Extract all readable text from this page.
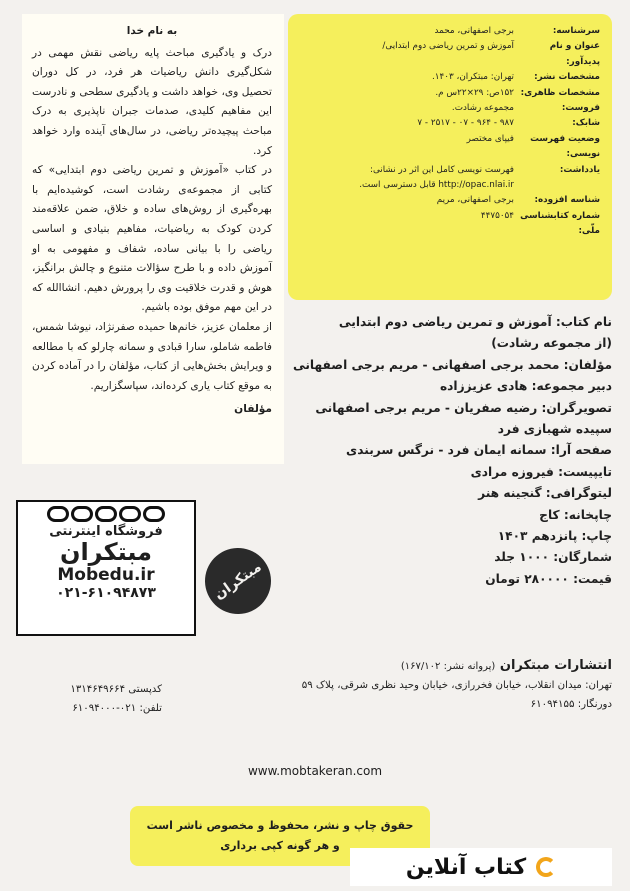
به نام خدا
درک و یادگیری مباحث پایه ریاضی نقش مهمی در شکل‌گیری دانش ریاضیات هر فرد، در کل دوران تحصیل وی، خواهد داشت و یادگیری سطحی و نادرست این مفاهیم کلیدی، صدمات جبران ناپذیری به درک مباحث پیچیده‌تر ریاضی، در سال‌های آینده وارد خواهد کرد.
در کتاب «آموزش و تمرین ریاضی دوم ابتدایی» که کتابی از مجموعه‌ی رشادت است، کوشیده‌ایم با بهره‌گیری از روش‌های ساده و خلاق، ضمن علاقه‌مند کردن کودک به ریاضیات، مفاهیم بنیادی و اساسی ریاضی را با بیانی ساده، شفاف و مفهومی به او آموزش داده و با طرح سؤالات متنوع و چالش برانگیز، هوش و قدرت خلاقیت وی را پرورش دهیم. انشاالله که در این مهم موفق بوده باشیم.
از معلمان عزیز، خانم‌ها حمیده صفرنژاد، نیوشا شمس، فاطمه شاملو، سارا قبادی و سمانه چارلو که با مطالعه و ویرایش بخش‌هایی از کتاب، مؤلفان را در آماده کردن به موقع کتاب یاری کرده‌اند، سپاسگزاریم.
مؤلفان
سرشناسه:
برجی اصفهانی، محمد
عنوان و نام پدیدآور:
آموزش و تمرین ریاضی دوم ابتدایی/
مشخصات نشر:
تهران: مبتکران، ۱۴۰۳.
مشخصات ظاهری:
۱۵۲ص: ۲۹×۲۲س م.
فروست:
مجموعه رشادت.
شابک:
۹۸۷ - ۹۶۴ - ۰۷ - ۲۵۱۷ - ۷
وضعیت فهرست نویسی:
فیپای مختصر
یادداشت:
فهرست نویسی کامل این اثر در نشانی: http://opac.nlai.ir قابل دسترسی است.
شناسه افزوده:
برجی اصفهانی، مریم
شماره کتابشناسی ملّی:
۴۴۷۵۰۵۴
نام کتاب: آموزش و تمرین ریاضی دوم ابتدایی
(از مجموعه رشادت)
مؤلفان: محمد برجی اصفهانی - مریم برجی اصفهانی
دبیر مجموعه: هادی عزیززاده
تصویرگران: رضیه صفریان - مریم برجی اصفهانی
سپیده شهبازی فرد
صفحه آرا: سمانه ایمان فرد - نرگس سربندی
تایپیست: فیروزه مرادی
لیتوگرافی: گنجینه هنر
چاپخانه: کاج
چاپ: پانزدهم ۱۴۰۳
شمارگان: ۱۰۰۰ جلد
قیمت: ۲۸۰۰۰۰ تومان
مبتکران
فروشگاه اینترنتی
مبتکران
Mobedu.ir
۰۲۱-۶۱۰۹۴۸۷۳
انتشارات مبتکران (پروانه نشر: ۱۶۷/۱۰۲)
تهران: میدان انقلاب، خیابان فخررازی، خیابان وحید نظری شرقی، پلاک ۵۹
دورنگار: ۶۱۰۹۴۱۵۵
کدپستی ۱۳۱۴۶۴۹۶۶۴
تلفن: ۰۲۱-۶۱۰۹۴۰۰۰
www.mobtakeran.com
حقوق چاپ و نشر، محفوظ و مخصوص ناشر است و هر گونه کپی برداری
کتاب آنلاین
